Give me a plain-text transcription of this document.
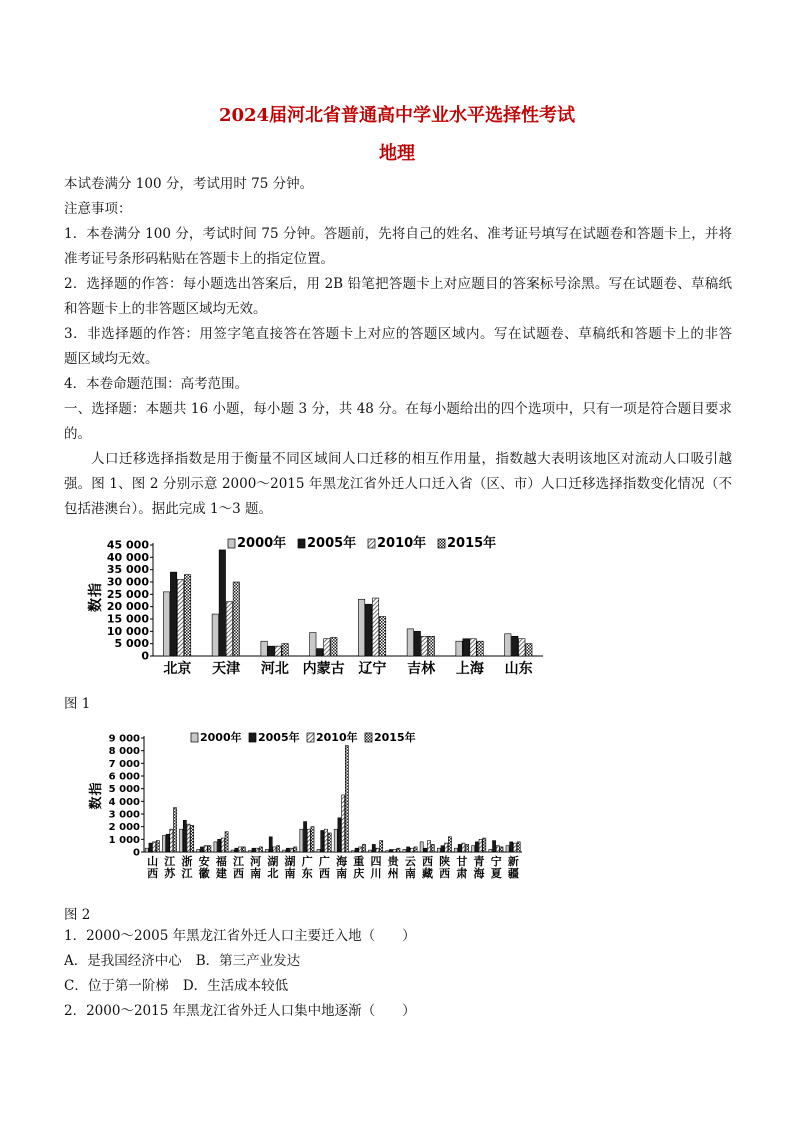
2024届河北省普通高中学业水平选择性考试
地理
本试卷满分 100 分，考试用时 75 分钟。
注意事项：
1．本卷满分 100 分，考试时间 75 分钟。答题前，先将自己的姓名、准考证号填写在试题卷和答题卡上，并将
准考证号条形码粘贴在答题卡上的指定位置。
2．选择题的作答：每小题选出答案后，用 2B 铅笔把答题卡上对应题目的答案标号涂黑。写在试题卷、草稿纸
和答题卡上的非答题区域均无效。
3．非选择题的作答：用签字笔直接答在答题卡上对应的答题区域内。写在试题卷、草稿纸和答题卡上的非答
题区域均无效。
4．本卷命题范围：高考范围。
一、选择题：本题共 16 小题，每小题 3 分，共 48 分。在每小题给出的四个选项中，只有一项是符合题目要求
的。
人口迁移选择指数是用于衡量不同区域间人口迁移的相互作用量，指数越大表明该地区对流动人口吸引越
强。图 1、图 2 分别示意 2000～2015 年黑龙江省外迁人口迁入省（区、市）人口迁移选择指数变化情况（不
包括港澳台）。据此完成 1～3 题。
0
5 000
10 000
15 000
20 000
25 000
30 000
35 000
40 000
45 000
指
数
2000年 2005年 2010年 2015年
北京 天津 河北 内蒙古 辽宁 吉林 上海 山东
图 1
0
1 000
2 000
3 000
4 000
5 000
6 000
7 000
8 000
9 000
指
数
2000年 2005年 2010年 2015年
山
西
江
苏
浙
江
安
徽
福
建
江
西
河
南
湖
北
湖
南
广
东
广
西
海
南
重
庆
四
川
贵
州
云
南
西
藏
陕
西
甘
肃
青
海
宁
夏
新
疆
图 2
1．2000～2005 年黑龙江省外迁人口主要迁入地（　　）
A．是我国经济中心 B．第三产业发达
C．位于第一阶梯 D．生活成本较低
2．2000～2015 年黑龙江省外迁人口集中地逐渐（　　）
